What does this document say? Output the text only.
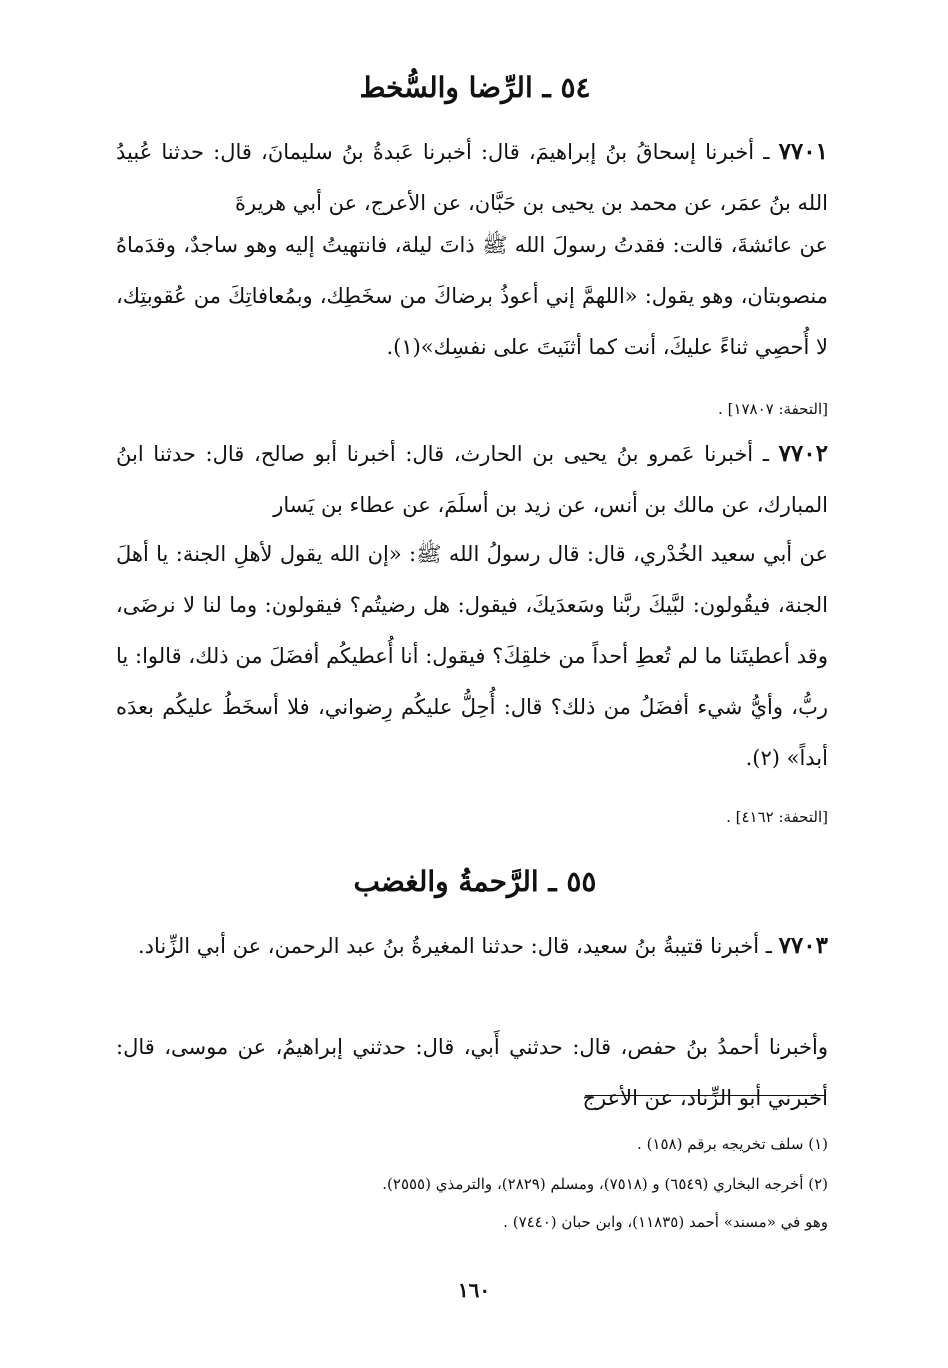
٥٤ ـ الرِّضا والسُّخط

٧٧٠١ ـ أخبرنا إسحاقُ بنُ إبراهيمَ، قال: أخبرنا عَبدةُ بنُ سليمانَ، قال: حدثنا عُبيدُ الله بنُ عمَر، عن محمد بن يحيى بن حَبَّان، عن الأعرج، عن أبي هريرةَ

عن عائشةَ، قالت: فقدتُ رسولَ الله ﷺ ذاتَ ليلة، فانتهيتُ إليه وهو ساجدٌ، وقدَماهُ منصوبتان، وهو يقول: «اللهمَّ إني أعوذُ برضاكَ من سخَطِك، وبمُعافاتِكَ من عُقوبتِك، لا أُحصِي ثناءً عليكَ، أنت كما أثنَيتَ على نفسِك»(١).

[التحفة: ١٧٨٠٧] .

٧٧٠٢ ـ أخبرنا عَمرو بنُ يحيى بن الحارث، قال: أخبرنا أبو صالح، قال: حدثنا ابنُ المبارك، عن مالك بن أنس، عن زيد بن أسلَمَ، عن عطاء بن يَسار

عن أبي سعيد الخُدْري، قال: قال رسولُ الله ﷺ: «إن الله يقول لأهلِ الجنة: يا أهلَ الجنة، فيقُولون: لبَّيكَ ربَّنا وسَعدَيكَ، فيقول: هل رضيتُم؟ فيقولون: وما لنا لا نرضَى، وقد أعطيتَنا ما لم تُعطِ أحداً من خلقِكَ؟ فيقول: أنا أُعطيكُم أفضَلَ من ذلك، قالوا: يا ربُّ، وأيُّ شيء أفضَلُ من ذلك؟ قال: أُحِلُّ عليكُم رِضواني، فلا أسخَطُ عليكُم بعدَه أبداً» (٢).

[التحفة: ٤١٦٢] .
٥٥ ـ الرَّحمةُ والغضب

٧٧٠٣ ـ أخبرنا قتيبةُ بنُ سعيد، قال: حدثنا المغيرةُ بنُ عبد الرحمن، عن أبي الزِّناد.

وأخبرنا أحمدُ بنُ حفص، قال: حدثني أَبي، قال: حدثني إبراهيمُ، عن موسى، قال: أخبرني أبو الزِّناد، عن الأعرج

(١) سلف تخريجه برقم (١٥٨) .
(٢) أخرجه البخاري (٦٥٤٩) و (٧٥١٨)، ومسلم (٢٨٢٩)، والترمذي (٢٥٥٥).
وهو في «مسند» أحمد (١١٨٣٥)، وابن حبان (٧٤٤٠) .
١٦٠
